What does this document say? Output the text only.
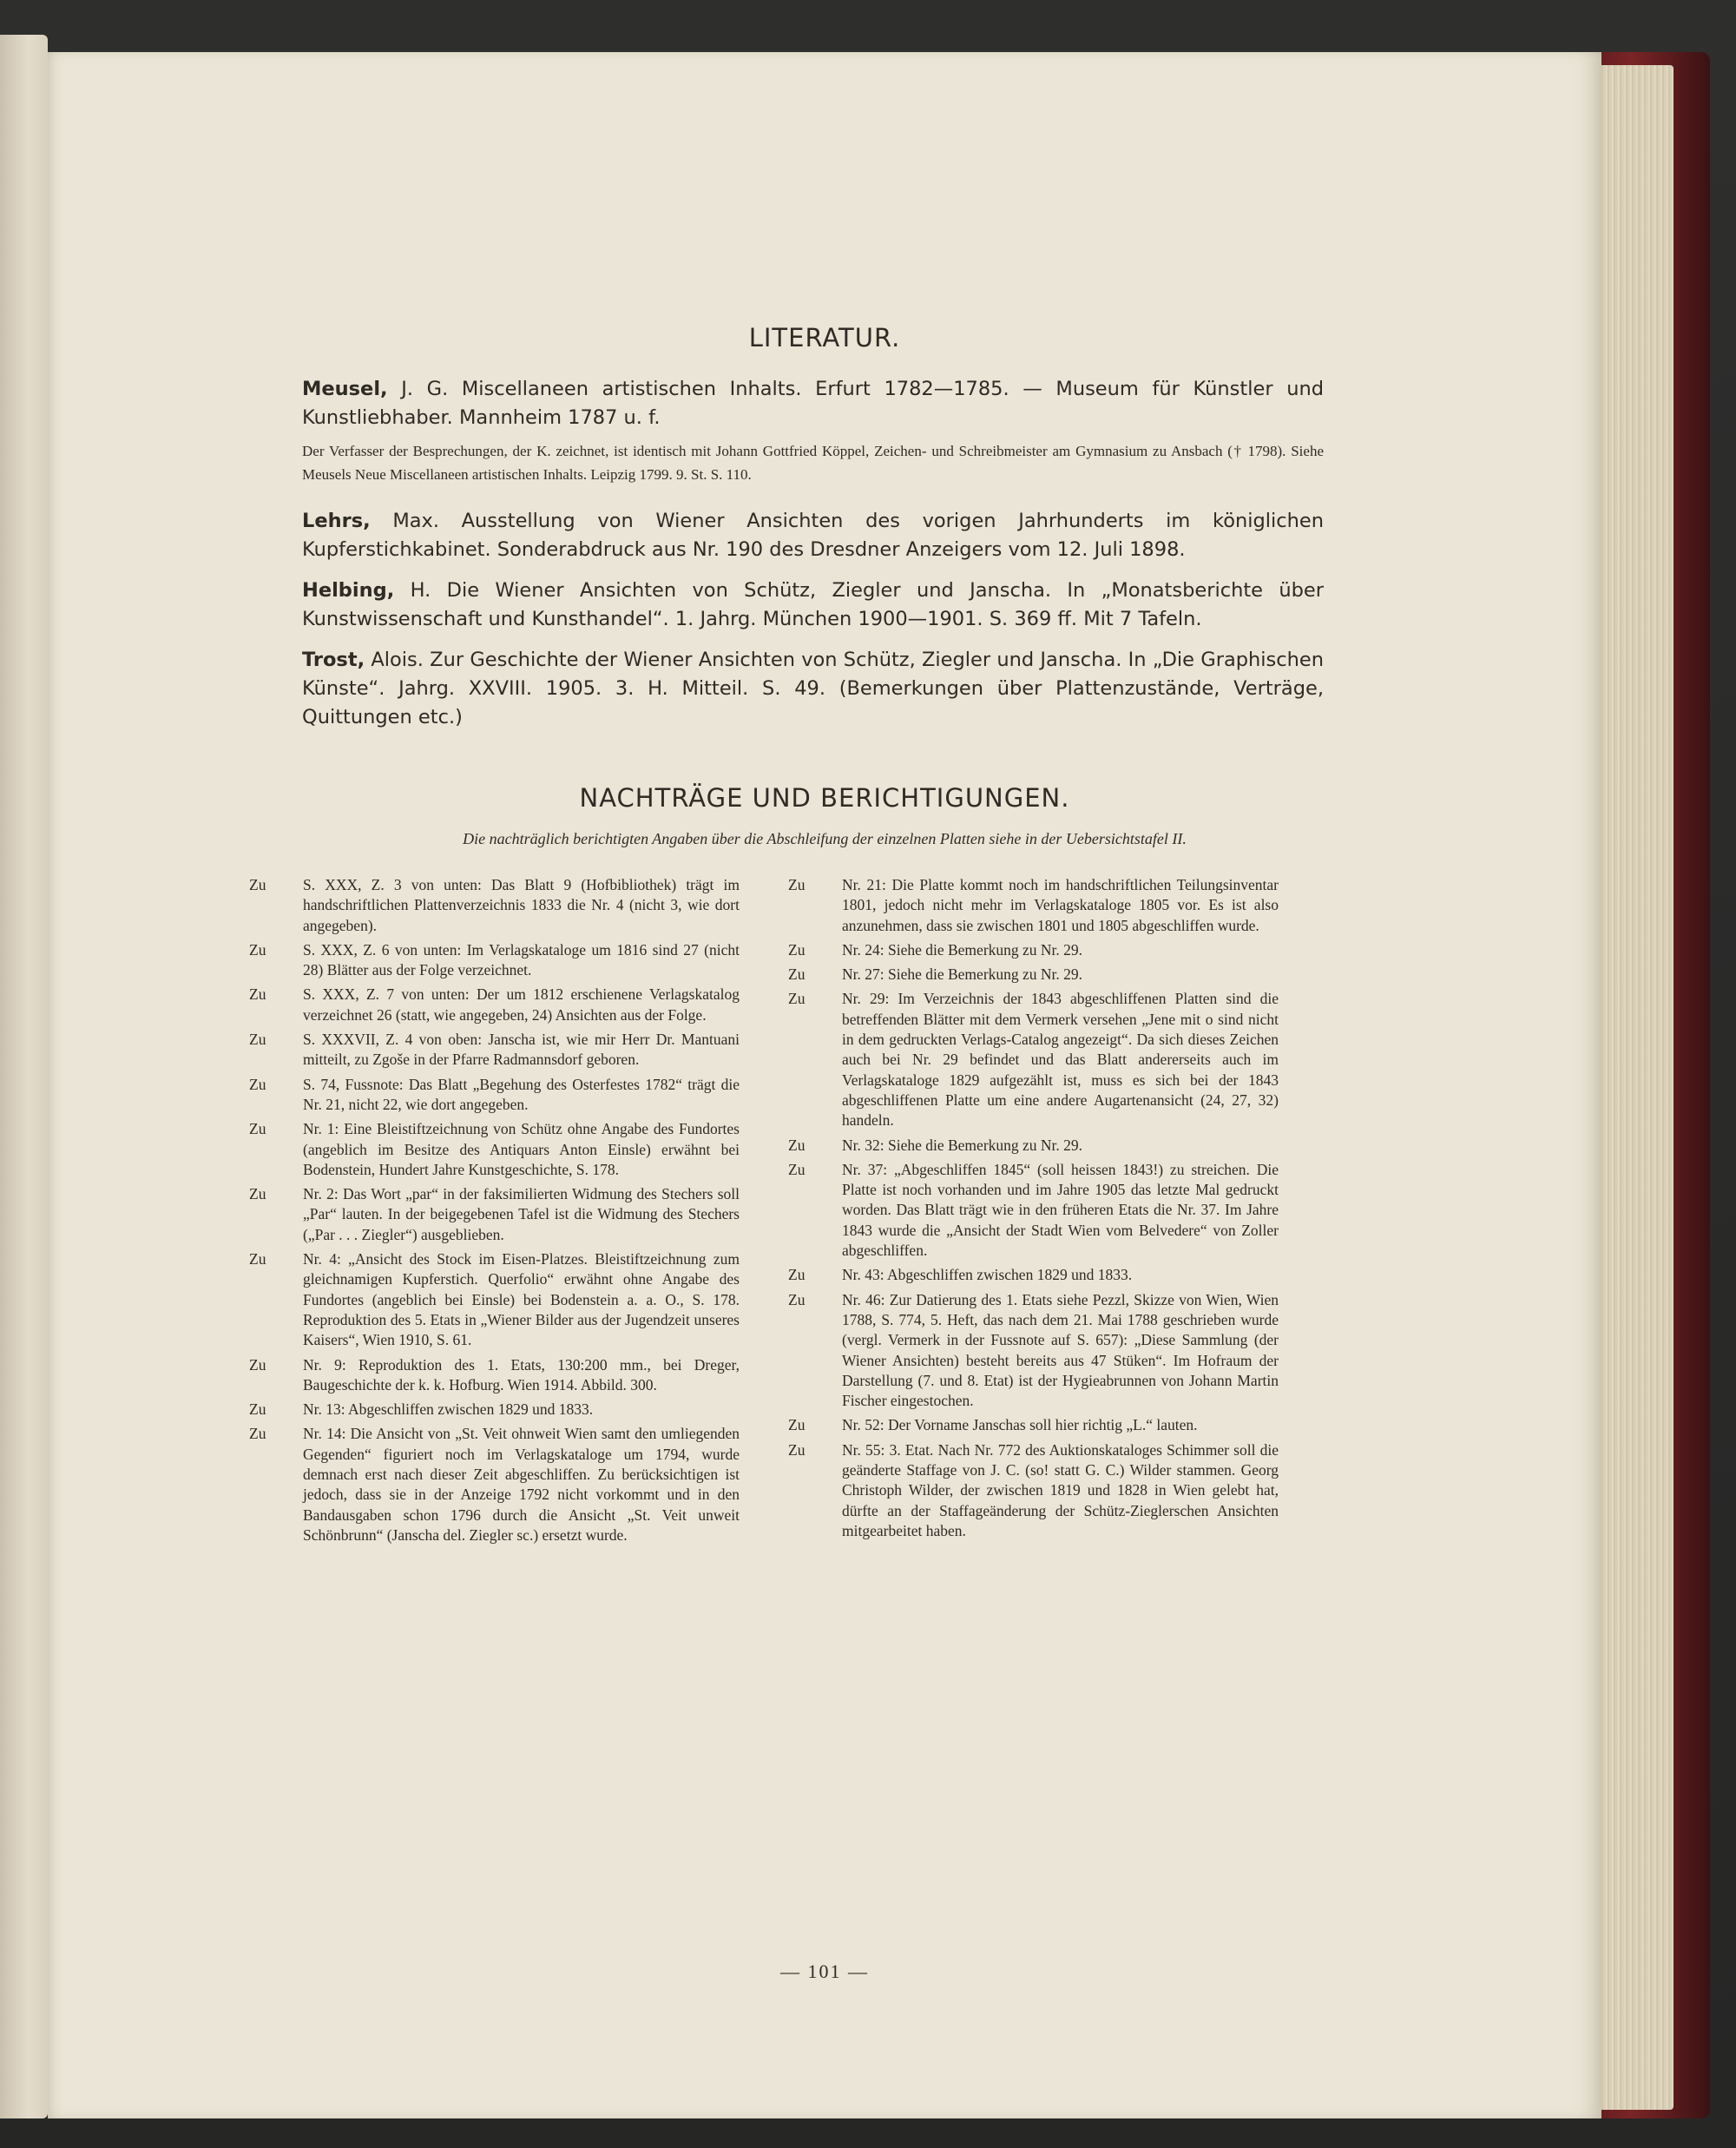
LITERATUR.
Meusel, J. G. Miscellaneen artistischen Inhalts. Erfurt 1782—1785. — Museum für Künstler und Kunstliebhaber. Mannheim 1787 u. f.
Der Verfasser der Besprechungen, der K. zeichnet, ist identisch mit Johann Gottfried Köppel, Zeichen- und Schreibmeister am Gymnasium zu Ansbach († 1798). Siehe Meusels Neue Miscellaneen artistischen Inhalts. Leipzig 1799. 9. St. S. 110.
Lehrs, Max. Ausstellung von Wiener Ansichten des vorigen Jahrhunderts im königlichen Kupferstichkabinet. Sonderabdruck aus Nr. 190 des Dresdner Anzeigers vom 12. Juli 1898.
Helbing, H. Die Wiener Ansichten von Schütz, Ziegler und Janscha. In „Monatsberichte über Kunstwissenschaft und Kunsthandel“. 1. Jahrg. München 1900—1901. S. 369 ff. Mit 7 Tafeln.
Trost, Alois. Zur Geschichte der Wiener Ansichten von Schütz, Ziegler und Janscha. In „Die Graphischen Künste“. Jahrg. XXVIII. 1905. 3. H. Mitteil. S. 49. (Bemerkungen über Plattenzustände, Verträge, Quittungen etc.)
NACHTRÄGE UND BERICHTIGUNGEN.
Die nachträglich berichtigten Angaben über die Abschleifung der einzelnen Platten siehe in der Uebersichtstafel II.
Zu S. XXX, Z. 3 von unten: Das Blatt 9 (Hofbibliothek) trägt im handschriftlichen Plattenverzeichnis 1833 die Nr. 4 (nicht 3, wie dort angegeben).
Zu S. XXX, Z. 6 von unten: Im Verlagskataloge um 1816 sind 27 (nicht 28) Blätter aus der Folge verzeichnet.
Zu S. XXX, Z. 7 von unten: Der um 1812 erschienene Verlagskatalog verzeichnet 26 (statt, wie angegeben, 24) Ansichten aus der Folge.
Zu S. XXXVII, Z. 4 von oben: Janscha ist, wie mir Herr Dr. Mantuani mitteilt, zu Zgoše in der Pfarre Radmannsdorf geboren.
Zu S. 74, Fussnote: Das Blatt „Begehung des Osterfestes 1782“ trägt die Nr. 21, nicht 22, wie dort angegeben.
Zu Nr. 1: Eine Bleistiftzeichnung von Schütz ohne Angabe des Fundortes (angeblich im Besitze des Antiquars Anton Einsle) erwähnt bei Bodenstein, Hundert Jahre Kunstgeschichte, S. 178.
Zu Nr. 2: Das Wort „par“ in der faksimilierten Widmung des Stechers soll „Par“ lauten. In der beigegebenen Tafel ist die Widmung des Stechers („Par . . . Ziegler“) ausgeblieben.
Zu Nr. 4: „Ansicht des Stock im Eisen-Platzes. Bleistiftzeichnung zum gleichnamigen Kupferstich. Querfolio“ erwähnt ohne Angabe des Fundortes (angeblich bei Einsle) bei Bodenstein a. a. O., S. 178. Reproduktion des 5. Etats in „Wiener Bilder aus der Jugendzeit unseres Kaisers“, Wien 1910, S. 61.
Zu Nr. 9: Reproduktion des 1. Etats, 130:200 mm., bei Dreger, Baugeschichte der k. k. Hofburg. Wien 1914. Abbild. 300.
Zu Nr. 13: Abgeschliffen zwischen 1829 und 1833.
Zu Nr. 14: Die Ansicht von „St. Veit ohnweit Wien samt den umliegenden Gegenden“ figuriert noch im Verlagskataloge um 1794, wurde demnach erst nach dieser Zeit abgeschliffen. Zu berücksichtigen ist jedoch, dass sie in der Anzeige 1792 nicht vorkommt und in den Bandausgaben schon 1796 durch die Ansicht „St. Veit unweit Schönbrunn“ (Janscha del. Ziegler sc.) ersetzt wurde.
Zu Nr. 21: Die Platte kommt noch im handschriftlichen Teilungsinventar 1801, jedoch nicht mehr im Verlagskataloge 1805 vor. Es ist also anzunehmen, dass sie zwischen 1801 und 1805 abgeschliffen wurde.
Zu Nr. 24: Siehe die Bemerkung zu Nr. 29.
Zu Nr. 27: Siehe die Bemerkung zu Nr. 29.
Zu Nr. 29: Im Verzeichnis der 1843 abgeschliffenen Platten sind die betreffenden Blätter mit dem Vermerk versehen „Jene mit o sind nicht in dem gedruckten Verlags-Catalog angezeigt“. Da sich dieses Zeichen auch bei Nr. 29 befindet und das Blatt andererseits auch im Verlagskataloge 1829 aufgezählt ist, muss es sich bei der 1843 abgeschliffenen Platte um eine andere Augartenansicht (24, 27, 32) handeln.
Zu Nr. 32: Siehe die Bemerkung zu Nr. 29.
Zu Nr. 37: „Abgeschliffen 1845“ (soll heissen 1843!) zu streichen. Die Platte ist noch vorhanden und im Jahre 1905 das letzte Mal gedruckt worden. Das Blatt trägt wie in den früheren Etats die Nr. 37. Im Jahre 1843 wurde die „Ansicht der Stadt Wien vom Belvedere“ von Zoller abgeschliffen.
Zu Nr. 43: Abgeschliffen zwischen 1829 und 1833.
Zu Nr. 46: Zur Datierung des 1. Etats siehe Pezzl, Skizze von Wien, Wien 1788, S. 774, 5. Heft, das nach dem 21. Mai 1788 geschrieben wurde (vergl. Vermerk in der Fussnote auf S. 657): „Diese Sammlung (der Wiener Ansichten) besteht bereits aus 47 Stüken“. Im Hofraum der Darstellung (7. und 8. Etat) ist der Hygieabrunnen von Johann Martin Fischer eingestochen.
Zu Nr. 52: Der Vorname Janschas soll hier richtig „L.“ lauten.
Zu Nr. 55: 3. Etat. Nach Nr. 772 des Auktionskataloges Schimmer soll die geänderte Staffage von J. C. (so! statt G. C.) Wilder stammen. Georg Christoph Wilder, der zwischen 1819 und 1828 in Wien gelebt hat, dürfte an der Staffageänderung der Schütz-Zieglerschen Ansichten mitgearbeitet haben.
— 101 —
